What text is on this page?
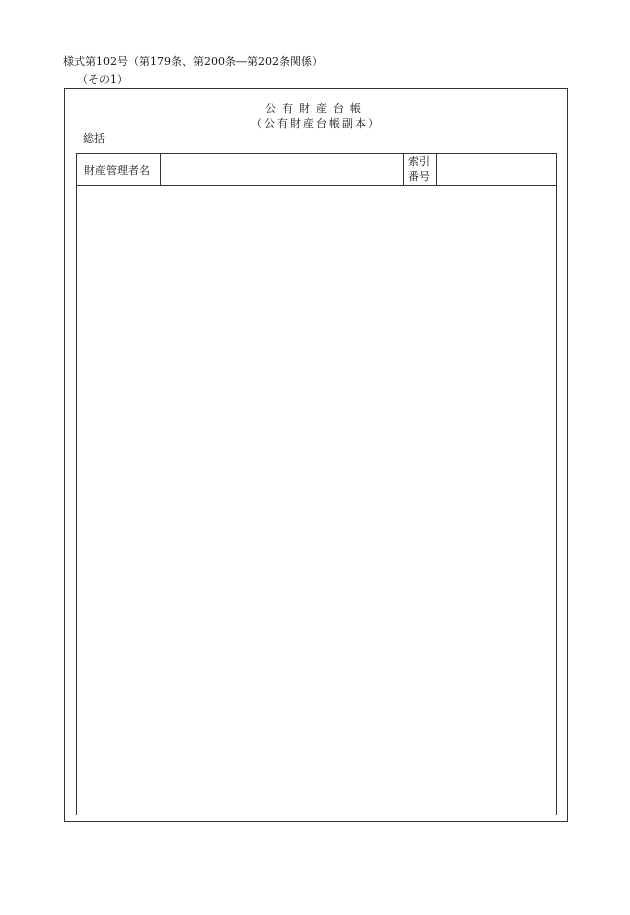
様式第102号（第179条、第200条―第202条関係）
（その1）
公有財産台帳
（公有財産台帳副本）
総括
財産管理者名
索引
番号
